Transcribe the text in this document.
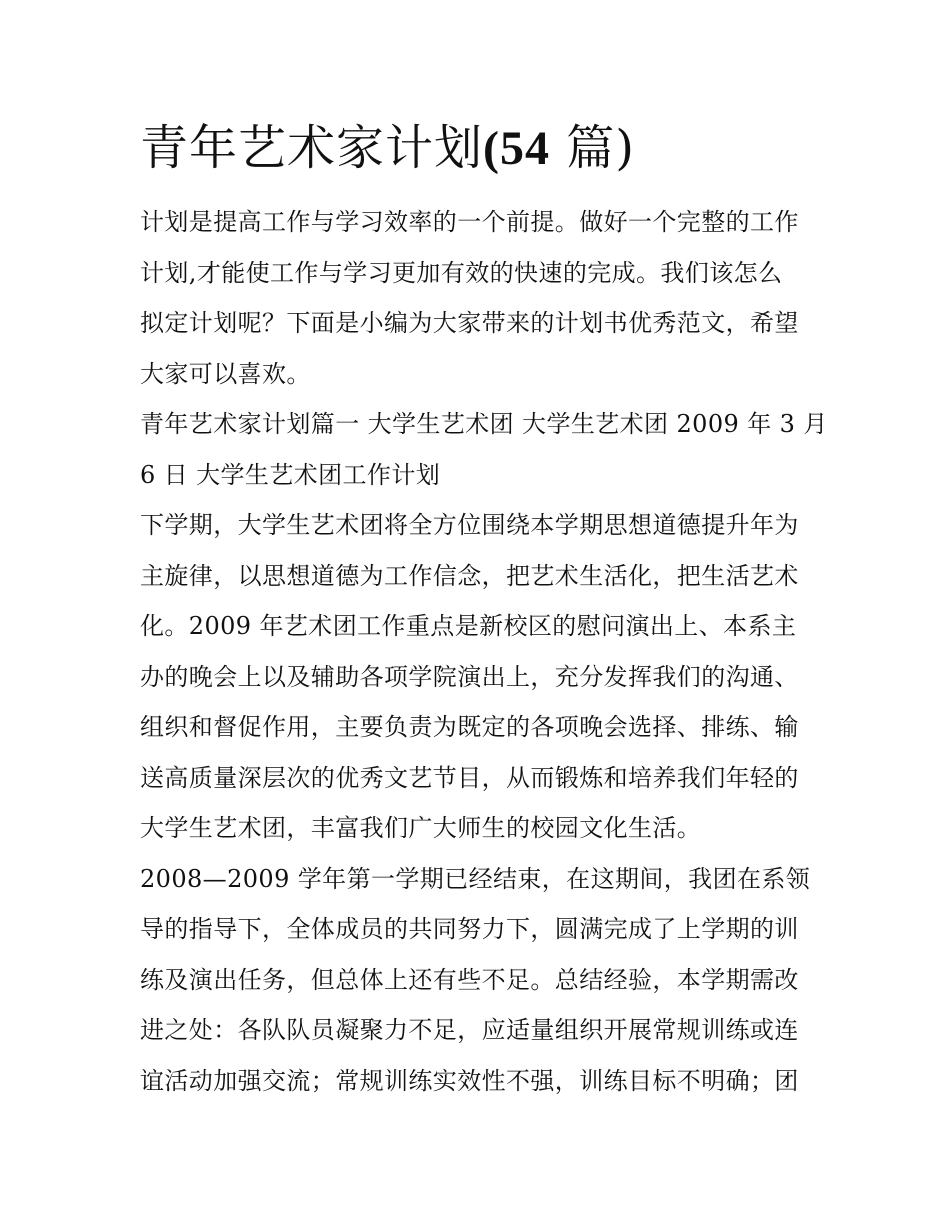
青年艺术家计划(54 篇)

计划是提高工作与学习效率的一个前提。做好一个完整的工作
计划,才能使工作与学习更加有效的快速的完成。我们该怎么
拟定计划呢？下面是小编为大家带来的计划书优秀范文，希望
大家可以喜欢。

青年艺术家计划篇一 大学生艺术团 大学生艺术团 2009 年 3 月
6 日 大学生艺术团工作计划

下学期，大学生艺术团将全方位围绕本学期思想道德提升年为
主旋律，以思想道德为工作信念，把艺术生活化，把生活艺术
化。2009 年艺术团工作重点是新校区的慰问演出上、本系主
办的晚会上以及辅助各项学院演出上，充分发挥我们的沟通、
组织和督促作用，主要负责为既定的各项晚会选择、排练、输
送高质量深层次的优秀文艺节目，从而锻炼和培养我们年轻的
大学生艺术团，丰富我们广大师生的校园文化生活。

2008—2009 学年第一学期已经结束，在这期间，我团在系领
导的指导下，全体成员的共同努力下，圆满完成了上学期的训
练及演出任务，但总体上还有些不足。总结经验，本学期需改
进之处：各队队员凝聚力不足，应适量组织开展常规训练或连
谊活动加强交流；常规训练实效性不强，训练目标不明确；团
